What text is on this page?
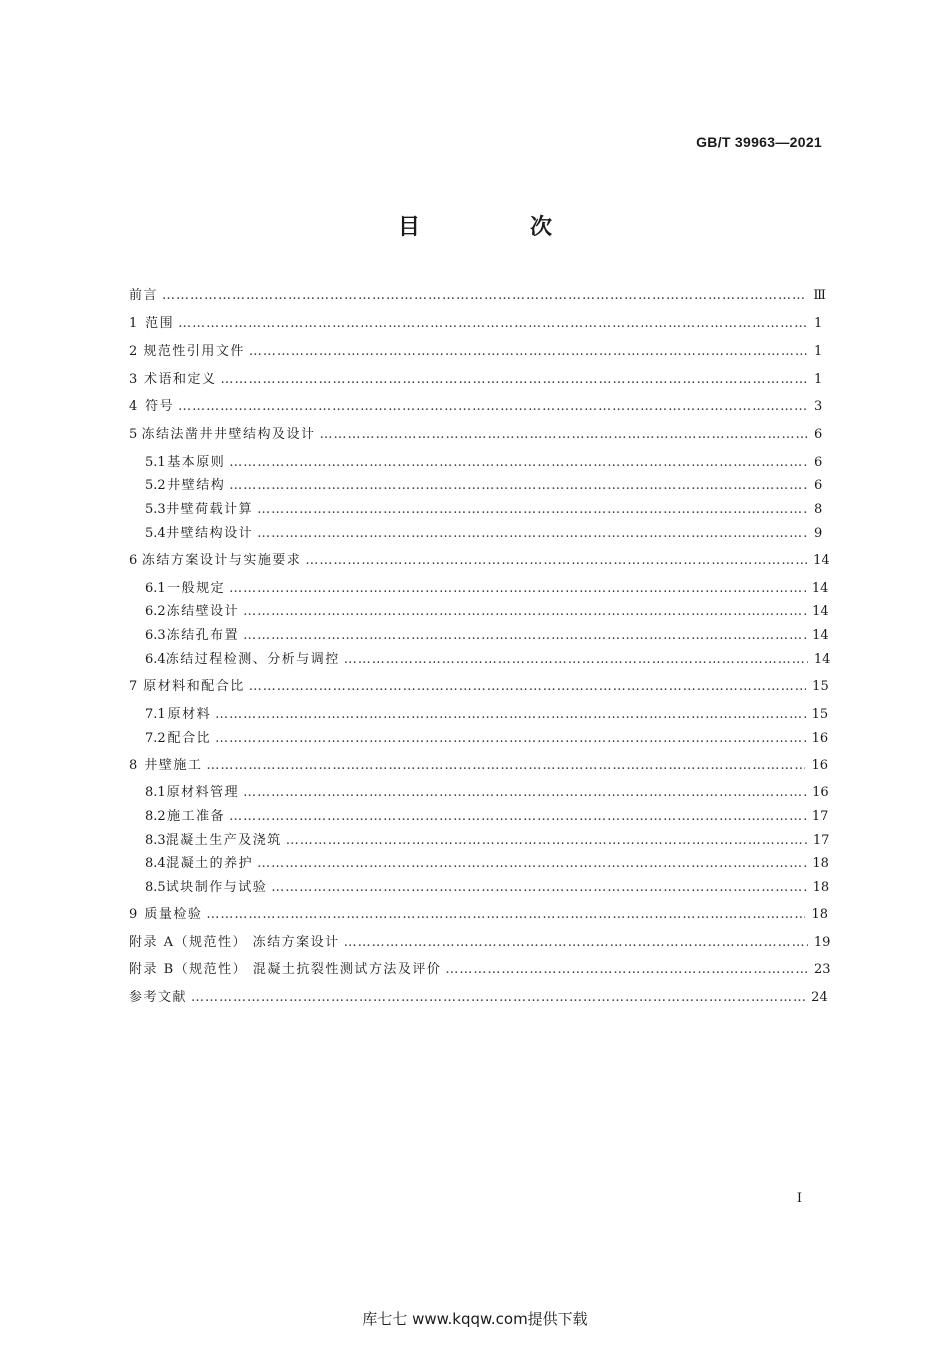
GB/T 39963—2021
目　次
前言 …………………………………………………………………………………………………………………………………………………………………………………	Ⅲ
1 范围 …………………………………………………………………………………………………………………………………………………………………………………	1
2 规范性引用文件 …………………………………………………………………………………………………………………………………………………………………………………	1
3 术语和定义 …………………………………………………………………………………………………………………………………………………………………………………	1
4 符号 …………………………………………………………………………………………………………………………………………………………………………………	3
5 冻结法凿井井壁结构及设计 …………………………………………………………………………………………………………………………………………………………………………………	6
5.1 基本原则 …………………………………………………………………………………………………………………………………………………………………………………	6
5.2 井壁结构 …………………………………………………………………………………………………………………………………………………………………………………	6
5.3 井壁荷载计算 …………………………………………………………………………………………………………………………………………………………………………………	8
5.4 井壁结构设计 …………………………………………………………………………………………………………………………………………………………………………………	9
6 冻结方案设计与实施要求 …………………………………………………………………………………………………………………………………………………………………………………	14
6.1 一般规定 …………………………………………………………………………………………………………………………………………………………………………………	14
6.2 冻结壁设计 …………………………………………………………………………………………………………………………………………………………………………………	14
6.3 冻结孔布置 …………………………………………………………………………………………………………………………………………………………………………………	14
6.4 冻结过程检测、分析与调控 …………………………………………………………………………………………………………………………………………………………………………………	14
7 原材料和配合比 …………………………………………………………………………………………………………………………………………………………………………………	15
7.1 原材料 …………………………………………………………………………………………………………………………………………………………………………………	15
7.2 配合比 …………………………………………………………………………………………………………………………………………………………………………………	16
8 井壁施工 …………………………………………………………………………………………………………………………………………………………………………………	16
8.1 原材料管理 …………………………………………………………………………………………………………………………………………………………………………………	16
8.2 施工准备 …………………………………………………………………………………………………………………………………………………………………………………	17
8.3 混凝土生产及浇筑 …………………………………………………………………………………………………………………………………………………………………………………	17
8.4 混凝土的养护 …………………………………………………………………………………………………………………………………………………………………………………	18
8.5 试块制作与试验 …………………………………………………………………………………………………………………………………………………………………………………	18
9 质量检验 …………………………………………………………………………………………………………………………………………………………………………………	18
附录 A（规范性） 冻结方案设计 …………………………………………………………………………………………………………………………………………………………………………………	19
附录 B（规范性） 混凝土抗裂性测试方法及评价 …………………………………………………………………………………………………………………………………………………………………………………	23
参考文献 …………………………………………………………………………………………………………………………………………………………………………………	24
I
库七七 www.kqqw.com提供下载
